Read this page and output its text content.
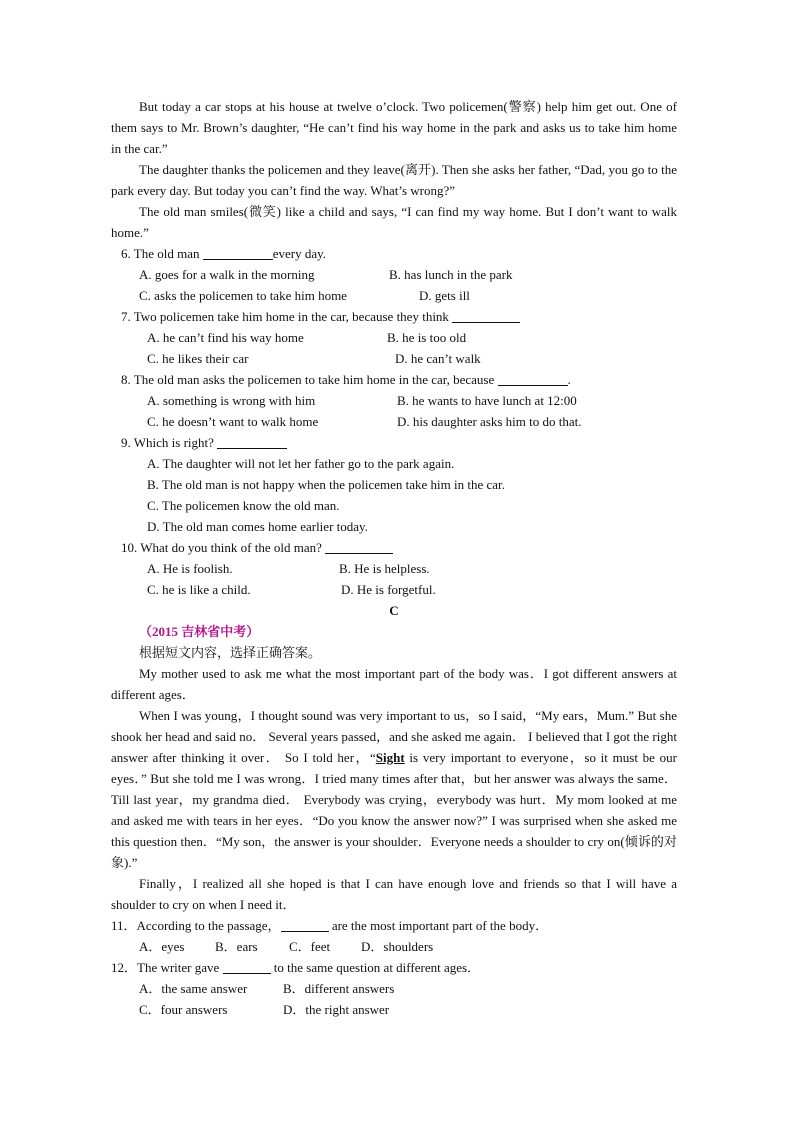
But today a car stops at his house at twelve o’clock. Two policemen(警察) help him get out. One of them says to Mr. Brown’s daughter, “He can’t find his way home in the park and asks us to take him home in the car.”

The daughter thanks the policemen and they leave(离开). Then she asks her father, “Dad, you go to the park every day. But today you can’t find the way. What’s wrong?”

The old man smiles(微笑) like a child and says, “I can find my way home. But I don’t want to walk home.”

6. The old man	every day.

A. goes for a walk in the morning	B. has lunch in the park

C. asks the policemen to take him home	D. gets ill

7. Two policemen take him home in the car, because they think

A. he can’t find his way home	B. he is too old

C. he likes their car	D. he can’t walk

8. The old man asks the policemen to take him home in the car, because	.

A. something is wrong with him	B. he wants to have lunch at 12:00

C. he doesn’t want to walk home	D. his daughter asks him to do that.

9. Which is right?

A. The daughter will not let her father go to the park again.

B. The old man is not happy when the policemen take him in the car.

C. The policemen know the old man.

D. The old man comes home earlier today.

10. What do you think of the old man?

A. He is foolish.	B. He is helpless.

C. he is like a child.	D. He is forgetful.

C

（2015 吉林省中考）

根据短文内容，选择正确答案。

My mother used to ask me what the most important part of the body was．I got different answers at different ages．

When I was young，I thought sound was very important to us，so I said，“My ears，Mum.” But she shook her head and said no． Several years passed，and she asked me again． I believed that I got the right answer after thinking it over． So I told her，“Sight is very important to everyone，so it must be our eyes．” But she told me I was wrong．I tried many times after that，but her answer was always the same． Till last year，my grandma died． Everybody was crying，everybody was hurt．My mom looked at me and asked me with tears in her eyes．“Do you know the answer now?” I was surprised when she asked me this question then．“My son，the answer is your shoulder．Everyone needs a shoulder to cry on(倾诉的对象).”

Finally，I realized all she hoped is that I can have enough love and friends so that I will have a shoulder to cry on when I need it．

11．According to the passage，	are the most important part of the body．

A．eyes B．ears C．feet D．shoulders

12．The writer gave	to the same question at different ages．

A．the same answer	B．different answers

C．four answers	D．the right answer
